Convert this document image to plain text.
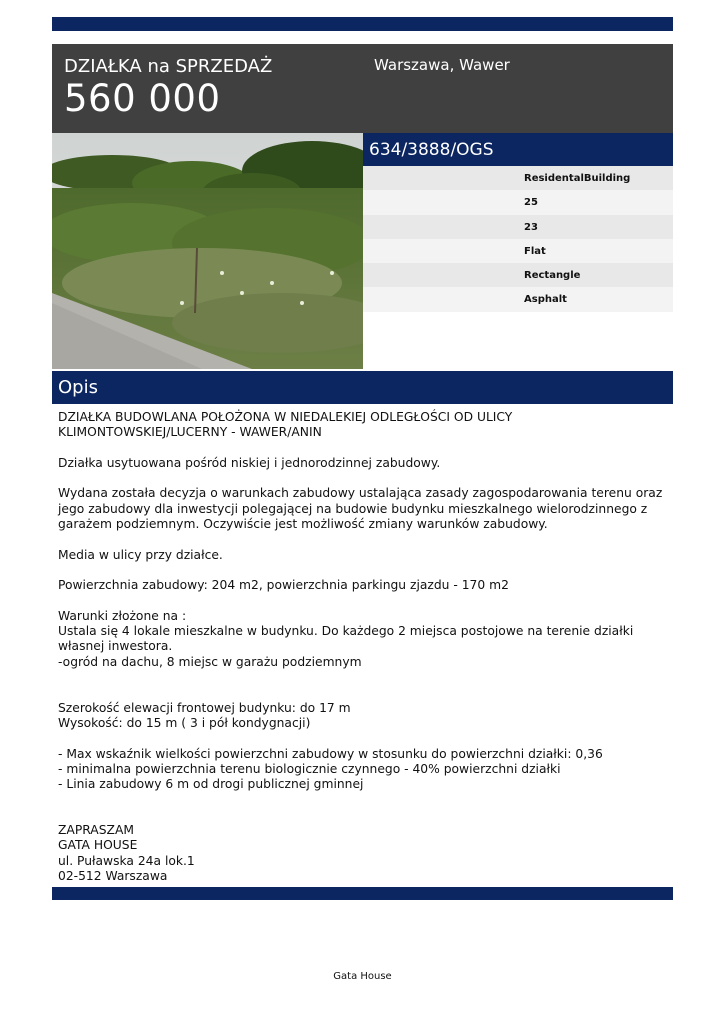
DZIAŁKA na SPRZEDAŻ
560 000
Warszawa, Wawer
634/3888/OGS
ResidentalBuilding
25
23
Flat
Rectangle
Asphalt
Opis

DZIAŁKA BUDOWLANA POŁOŻONA W NIEDALEKIEJ ODLEGŁOŚCI OD ULICY

KLIMONTOWSKIEJ/LUCERNY - WAWER/ANIN

Działka usytuowana pośród niskiej i jednorodzinnej zabudowy.

Wydana została decyzja o warunkach zabudowy ustalająca zasady zagospodarowania terenu oraz

jego zabudowy dla inwestycji polegającej na budowie budynku mieszkalnego wielorodzinnego z

garażem podziemnym. Oczywiście jest możliwość zmiany warunków zabudowy.

Media w ulicy przy działce.

Powierzchnia zabudowy: 204 m2, powierzchnia parkingu zjazdu - 170 m2

Warunki złożone na :

Ustala się 4 lokale mieszkalne w budynku. Do każdego 2 miejsca postojowe na terenie działki

własnej inwestora.

-ogród na dachu, 8 miejsc w garażu podziemnym

Szerokość elewacji frontowej budynku: do 17 m

Wysokość: do 15 m ( 3 i pół kondygnacji)

- Max wskaźnik wielkości powierzchni zabudowy w stosunku do powierzchni działki: 0,36

- minimalna powierzchnia terenu biologicznie czynnego - 40% powierzchni działki

- Linia zabudowy 6 m od drogi publicznej gminnej

ZAPRASZAM

GATA HOUSE

ul. Puławska 24a lok.1

02-512 Warszawa

Gata House
